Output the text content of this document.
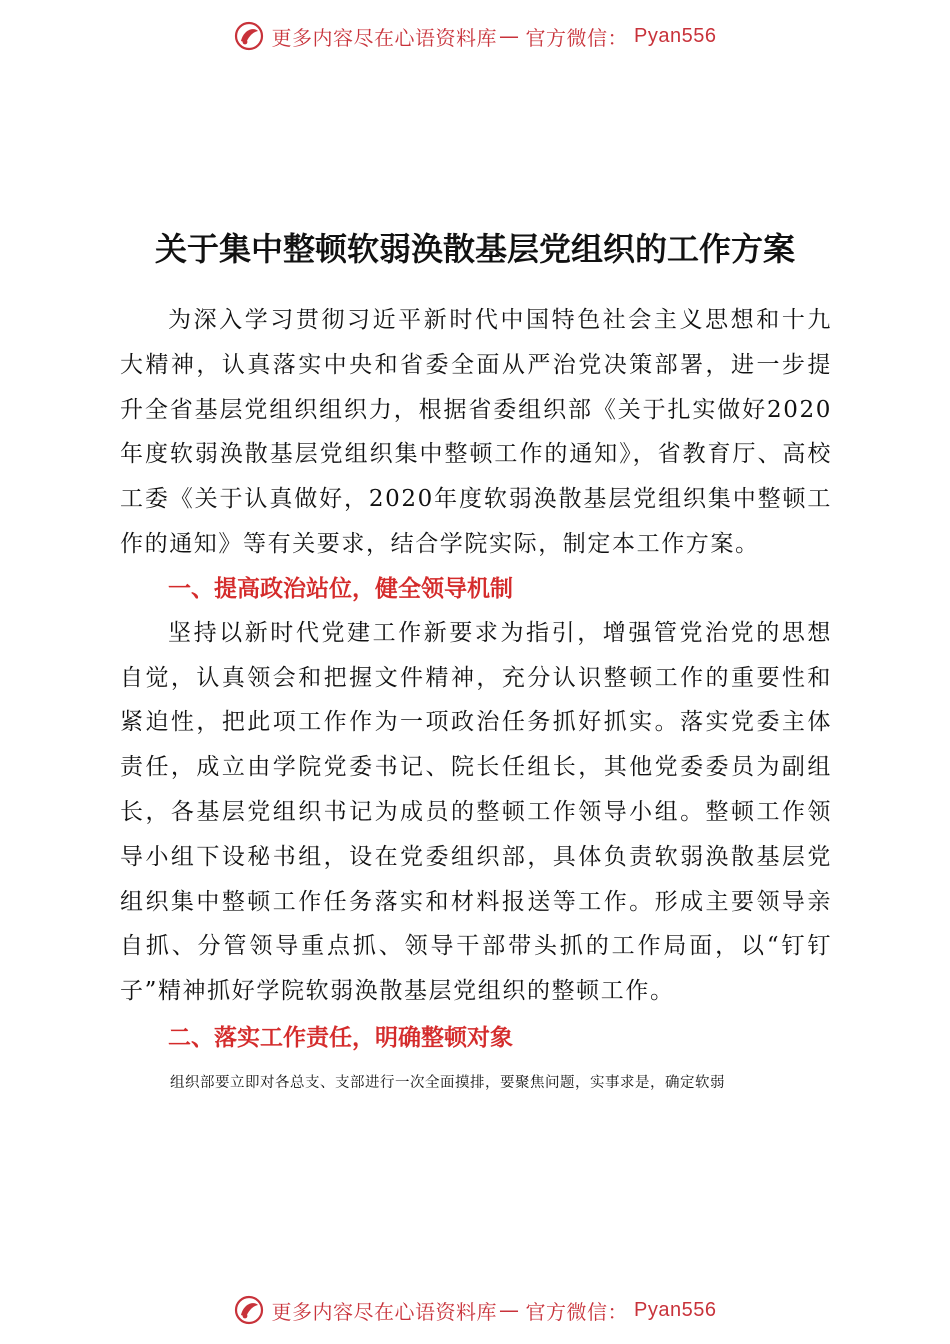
更多内容尽在心语资料库 — 官方微信： Pyan556
关于集中整顿软弱涣散基层党组织的工作方案

为深入学习贯彻习近平新时代中国特色社会主义思想和十九大精神，认真落实中央和省委全面从严治党决策部署，进一步提升全省基层党组织组织力，根据省委组织部《关于扎实做好2020年度软弱涣散基层党组织集中整顿工作的通知》，省教育厅、高校工委《关于认真做好，2020年度软弱涣散基层党组织集中整顿工作的通知》等有关要求，结合学院实际，制定本工作方案。

一、提高政治站位，健全领导机制

坚持以新时代党建工作新要求为指引，增强管党治党的思想自觉，认真领会和把握文件精神，充分认识整顿工作的重要性和紧迫性，把此项工作作为一项政治任务抓好抓实。落实党委主体责任，成立由学院党委书记、院长任组长，其他党委委员为副组长，各基层党组织书记为成员的整顿工作领导小组。整顿工作领导小组下设秘书组，设在党委组织部，具体负责软弱涣散基层党组织集中整顿工作任务落实和材料报送等工作。形成主要领导亲自抓、分管领导重点抓、领导干部带头抓的工作局面，以“钉钉子”精神抓好学院软弱涣散基层党组织的整顿工作。

二、落实工作责任，明确整顿对象

组织部要立即对各总支、支部进行一次全面摸排，要聚焦问题，实事求是，确定软弱

更多内容尽在心语资料库 — 官方微信： Pyan556
